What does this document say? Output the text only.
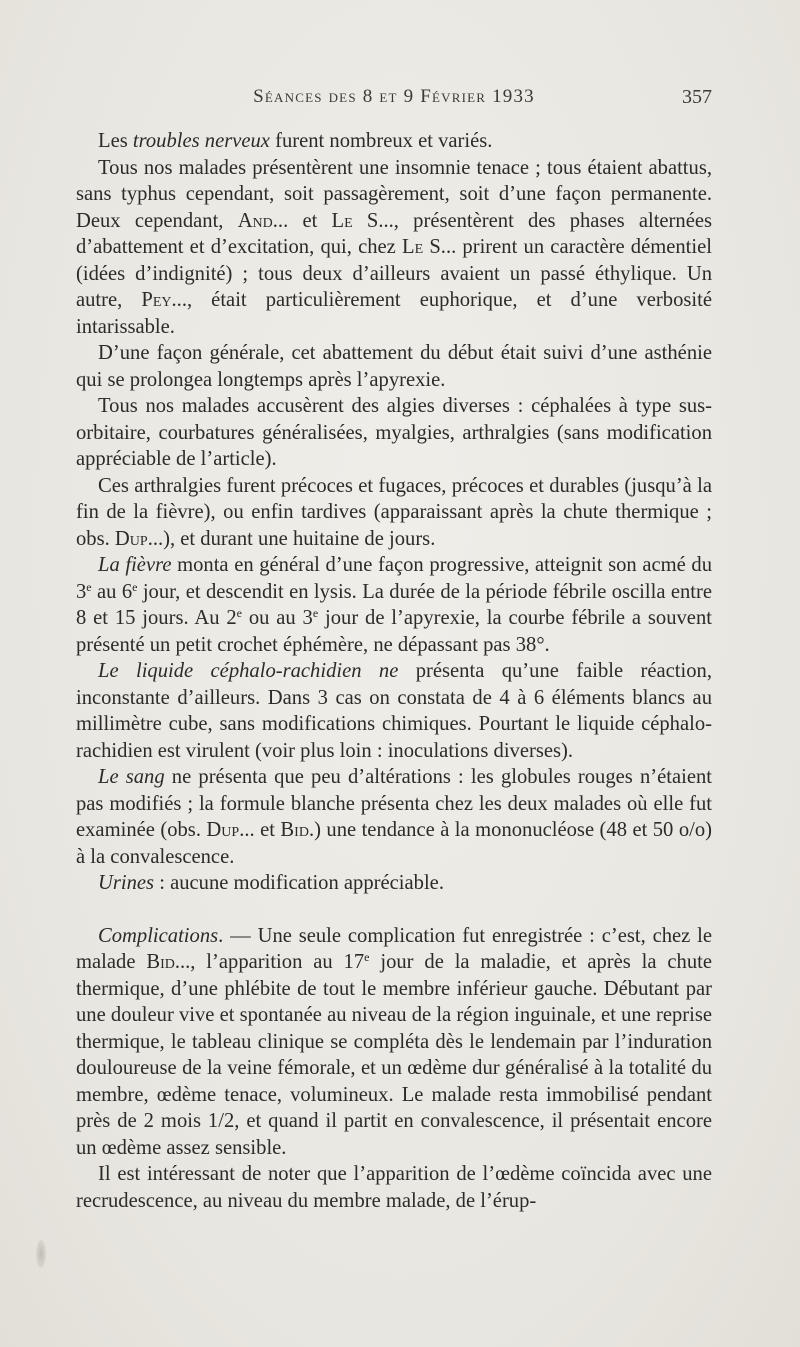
Séances des 8 et 9 Février 1933	357

Les troubles nerveux furent nombreux et variés.

Tous nos malades présentèrent une insomnie tenace ; tous étaient abattus, sans typhus cependant, soit passagèrement, soit d’une façon permanente. Deux cependant, And... et Le S..., présentèrent des phases alternées d’abattement et d’excitation, qui, chez Le S... prirent un caractère démentiel (idées d’indignité) ; tous deux d’ailleurs avaient un passé éthylique. Un autre, Pey..., était particulièrement euphorique, et d’une verbosité intarissable.

D’une façon générale, cet abattement du début était suivi d’une asthénie qui se prolongea longtemps après l’apyrexie.

Tous nos malades accusèrent des algies diverses : céphalées à type sus-orbitaire, courbatures généralisées, myalgies, arthralgies (sans modification appréciable de l’article).

Ces arthralgies furent précoces et fugaces, précoces et durables (jusqu’à la fin de la fièvre), ou enfin tardives (apparaissant après la chute thermique ; obs. Dup...), et durant une huitaine de jours.

La fièvre monta en général d’une façon progressive, atteignit son acmé du 3e au 6e jour, et descendit en lysis. La durée de la période fébrile oscilla entre 8 et 15 jours. Au 2e ou au 3e jour de l’apyrexie, la courbe fébrile a souvent présenté un petit crochet éphémère, ne dépassant pas 38°.

Le liquide céphalo-rachidien ne présenta qu’une faible réaction, inconstante d’ailleurs. Dans 3 cas on constata de 4 à 6 éléments blancs au millimètre cube, sans modifications chimiques. Pourtant le liquide céphalo-rachidien est virulent (voir plus loin : inoculations diverses).

Le sang ne présenta que peu d’altérations : les globules rouges n’étaient pas modifiés ; la formule blanche présenta chez les deux malades où elle fut examinée (obs. Dup... et Bid.) une tendance à la mononucléose (48 et 50 o/o) à la convalescence.

Urines : aucune modification appréciable.

Complications. — Une seule complication fut enregistrée : c’est, chez le malade Bid..., l’apparition au 17e jour de la maladie, et après la chute thermique, d’une phlébite de tout le membre inférieur gauche. Débutant par une douleur vive et spontanée au niveau de la région inguinale, et une reprise thermique, le tableau clinique se compléta dès le lendemain par l’induration douloureuse de la veine fémorale, et un œdème dur généralisé à la totalité du membre, œdème tenace, volumineux. Le malade resta immobilisé pendant près de 2 mois 1/2, et quand il partit en convalescence, il présentait encore un œdème assez sensible.

Il est intéressant de noter que l’apparition de l’œdème coïncida avec une recrudescence, au niveau du membre malade, de l’érup-
